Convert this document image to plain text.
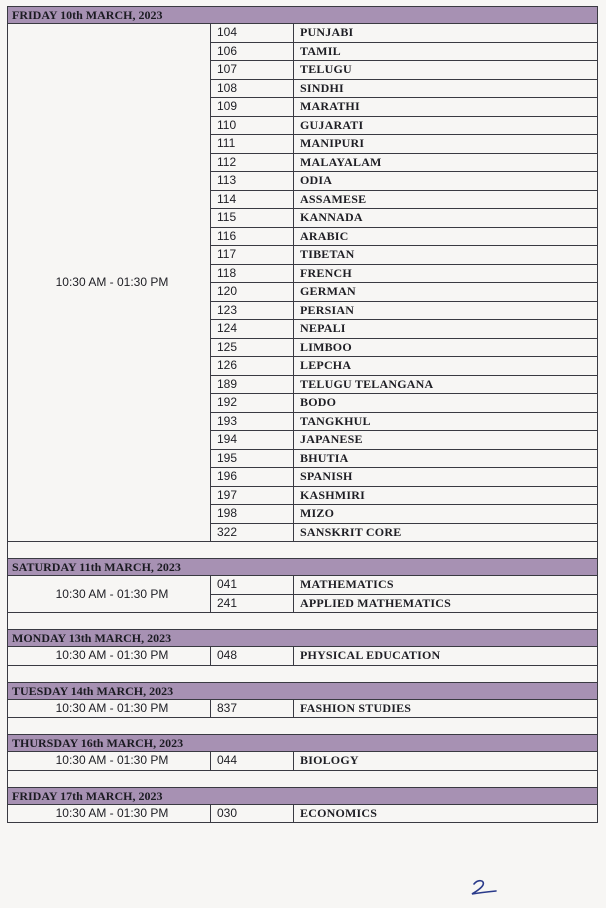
FRIDAY 10th MARCH, 2023
10:30 AM - 01:30 PM	104	PUNJABI
	106	TAMIL
	107	TELUGU
	108	SINDHI
	109	MARATHI
	110	GUJARATI
	111	MANIPURI
	112	MALAYALAM
	113	ODIA
	114	ASSAMESE
	115	KANNADA
	116	ARABIC
	117	TIBETAN
	118	FRENCH
	120	GERMAN
	123	PERSIAN
	124	NEPALI
	125	LIMBOO
	126	LEPCHA
	189	TELUGU TELANGANA
	192	BODO
	193	TANGKHUL
	194	JAPANESE
	195	BHUTIA
	196	SPANISH
	197	KASHMIRI
	198	MIZO
	322	SANSKRIT CORE
SATURDAY 11th MARCH, 2023
10:30 AM - 01:30 PM	041	MATHEMATICS
	241	APPLIED MATHEMATICS
MONDAY 13th MARCH, 2023
10:30 AM - 01:30 PM	048	PHYSICAL EDUCATION
TUESDAY 14th MARCH, 2023
10:30 AM - 01:30 PM	837	FASHION STUDIES
THURSDAY 16th MARCH, 2023
10:30 AM - 01:30 PM	044	BIOLOGY
FRIDAY 17th MARCH, 2023
10:30 AM - 01:30 PM	030	ECONOMICS
